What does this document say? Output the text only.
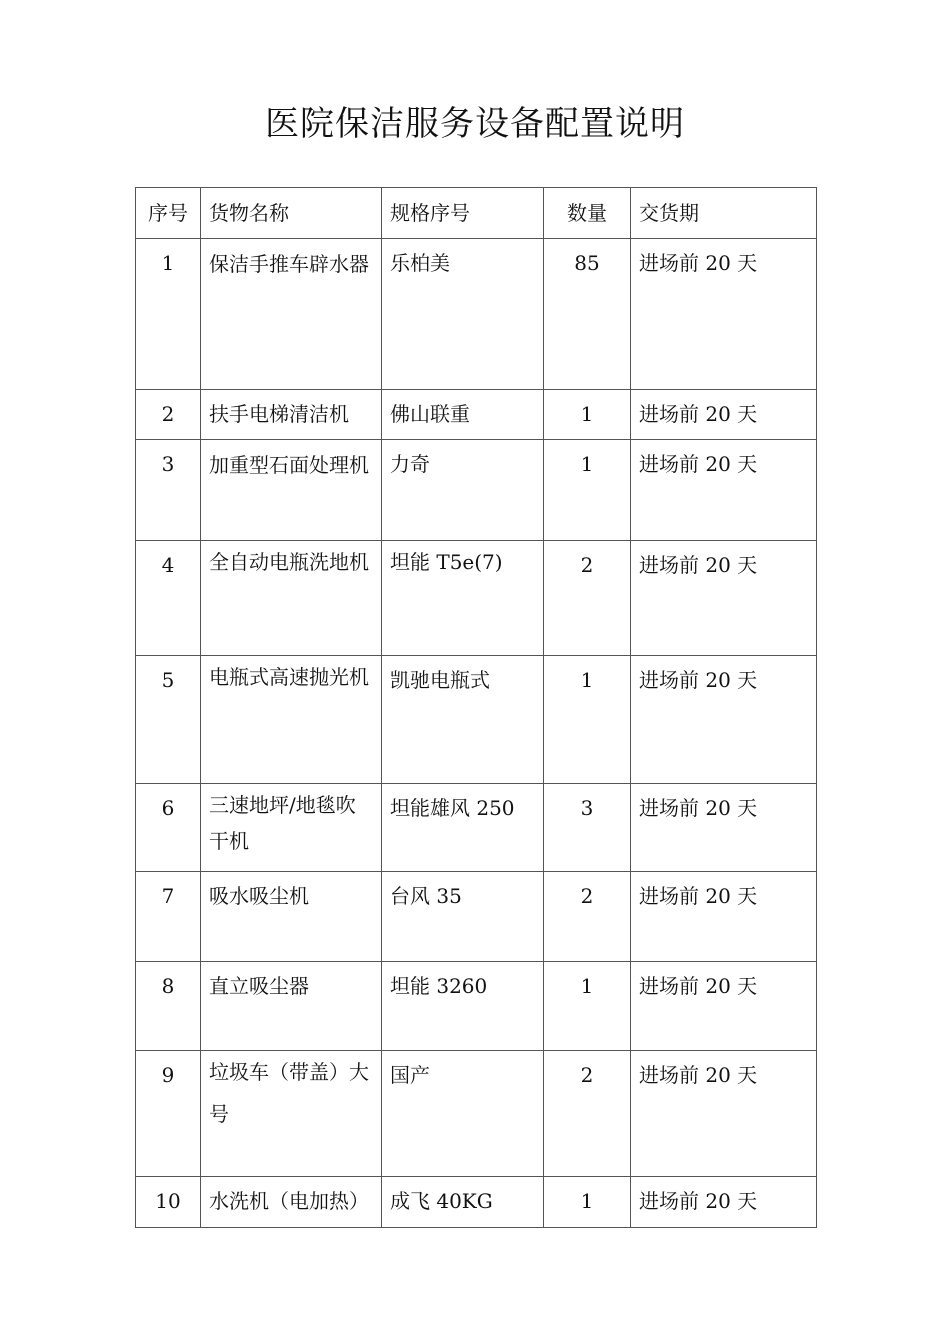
医院保洁服务设备配置说明
序号	货物名称	规格序号	数量	交货期
1	保洁手推车辟水器	乐柏美	85	进场前 20 天
2	扶手电梯清洁机	佛山联重	1	进场前 20 天
3	加重型石面处理机	力奇	1	进场前 20 天
4	全自动电瓶洗地机	坦能 T5e(7)	2	进场前 20 天
5	电瓶式高速抛光机	凯驰电瓶式	1	进场前 20 天
6	三速地坪/地毯吹干机	坦能雄风 250	3	进场前 20 天
7	吸水吸尘机	台风 35	2	进场前 20 天
8	直立吸尘器	坦能 3260	1	进场前 20 天
9	垃圾车（带盖）大号	国产	2	进场前 20 天
10	水洗机（电加热）	成飞 40KG	1	进场前 20 天
